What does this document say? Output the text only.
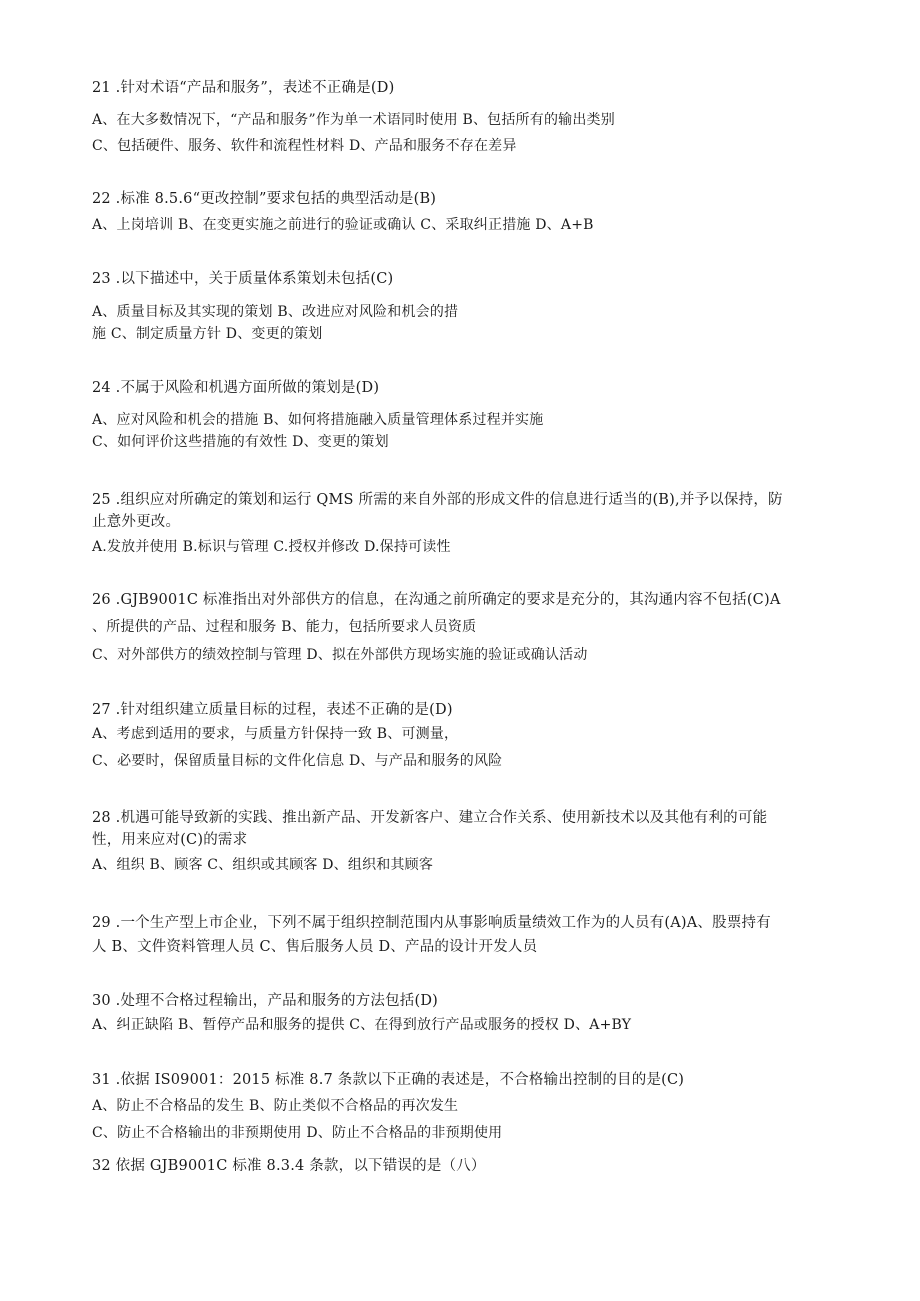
21 .针对术语“产品和服务”，表述不正确是(D)
A、在大多数情况下，“产品和服务”作为单一术语同时使用 B、包括所有的输出类别
C、包括硬件、服务、软件和流程性材料 D、产品和服务不存在差异
22 .标准 8.5.6“更改控制”要求包括的典型活动是(B)
A、上岗培训 B、在变更实施之前进行的验证或确认 C、采取纠正措施 D、A+B
23 .以下描述中，关于质量体系策划未包括(C)
A、质量目标及其实现的策划 B、改进应对风险和机会的措
施 C、制定质量方针 D、变更的策划
24 .不属于风险和机遇方面所做的策划是(D)
A、应对风险和机会的措施 B、如何将措施融入质量管理体系过程并实施
C、如何评价这些措施的有效性 D、变更的策划
25 .组织应对所确定的策划和运行 QMS 所需的来自外部的形成文件的信息进行适当的(B),并予以保持，防
止意外更改。
A.发放并使用 B.标识与管理 C.授权并修改 D.保持可读性
26 .GJB9001C 标准指出对外部供方的信息，在沟通之前所确定的要求是充分的，其沟通内容不包括(C)A
、所提供的产品、过程和服务 B、能力，包括所要求人员资质
C、对外部供方的绩效控制与管理 D、拟在外部供方现场实施的验证或确认活动
27 .针对组织建立质量目标的过程，表述不正确的是(D)
A、考虑到适用的要求，与质量方针保持一致 B、可测量，
C、必要时，保留质量目标的文件化信息 D、与产品和服务的风险
28 .机遇可能导致新的实践、推出新产品、开发新客户、建立合作关系、使用新技术以及其他有利的可能
性，用来应对(C)的需求
A、组织 B、顾客 C、组织或其顾客 D、组织和其顾客
29 .一个生产型上市企业，下列不属于组织控制范围内从事影响质量绩效工作为的人员有(A)A、股票持有
人 B、文件资料管理人员 C、售后服务人员 D、产品的设计开发人员
30 .处理不合格过程输出，产品和服务的方法包括(D)
A、纠正缺陷 B、暂停产品和服务的提供 C、在得到放行产品或服务的授权 D、A+BY
31 .依据 IS09001：2015 标准 8.7 条款以下正确的表述是，不合格输出控制的目的是(C)
A、防止不合格品的发生 B、防止类似不合格品的再次发生
C、防止不合格输出的非预期使用 D、防止不合格品的非预期使用
32 依据 GJB9001C 标准 8.3.4 条款，以下错误的是（八）
